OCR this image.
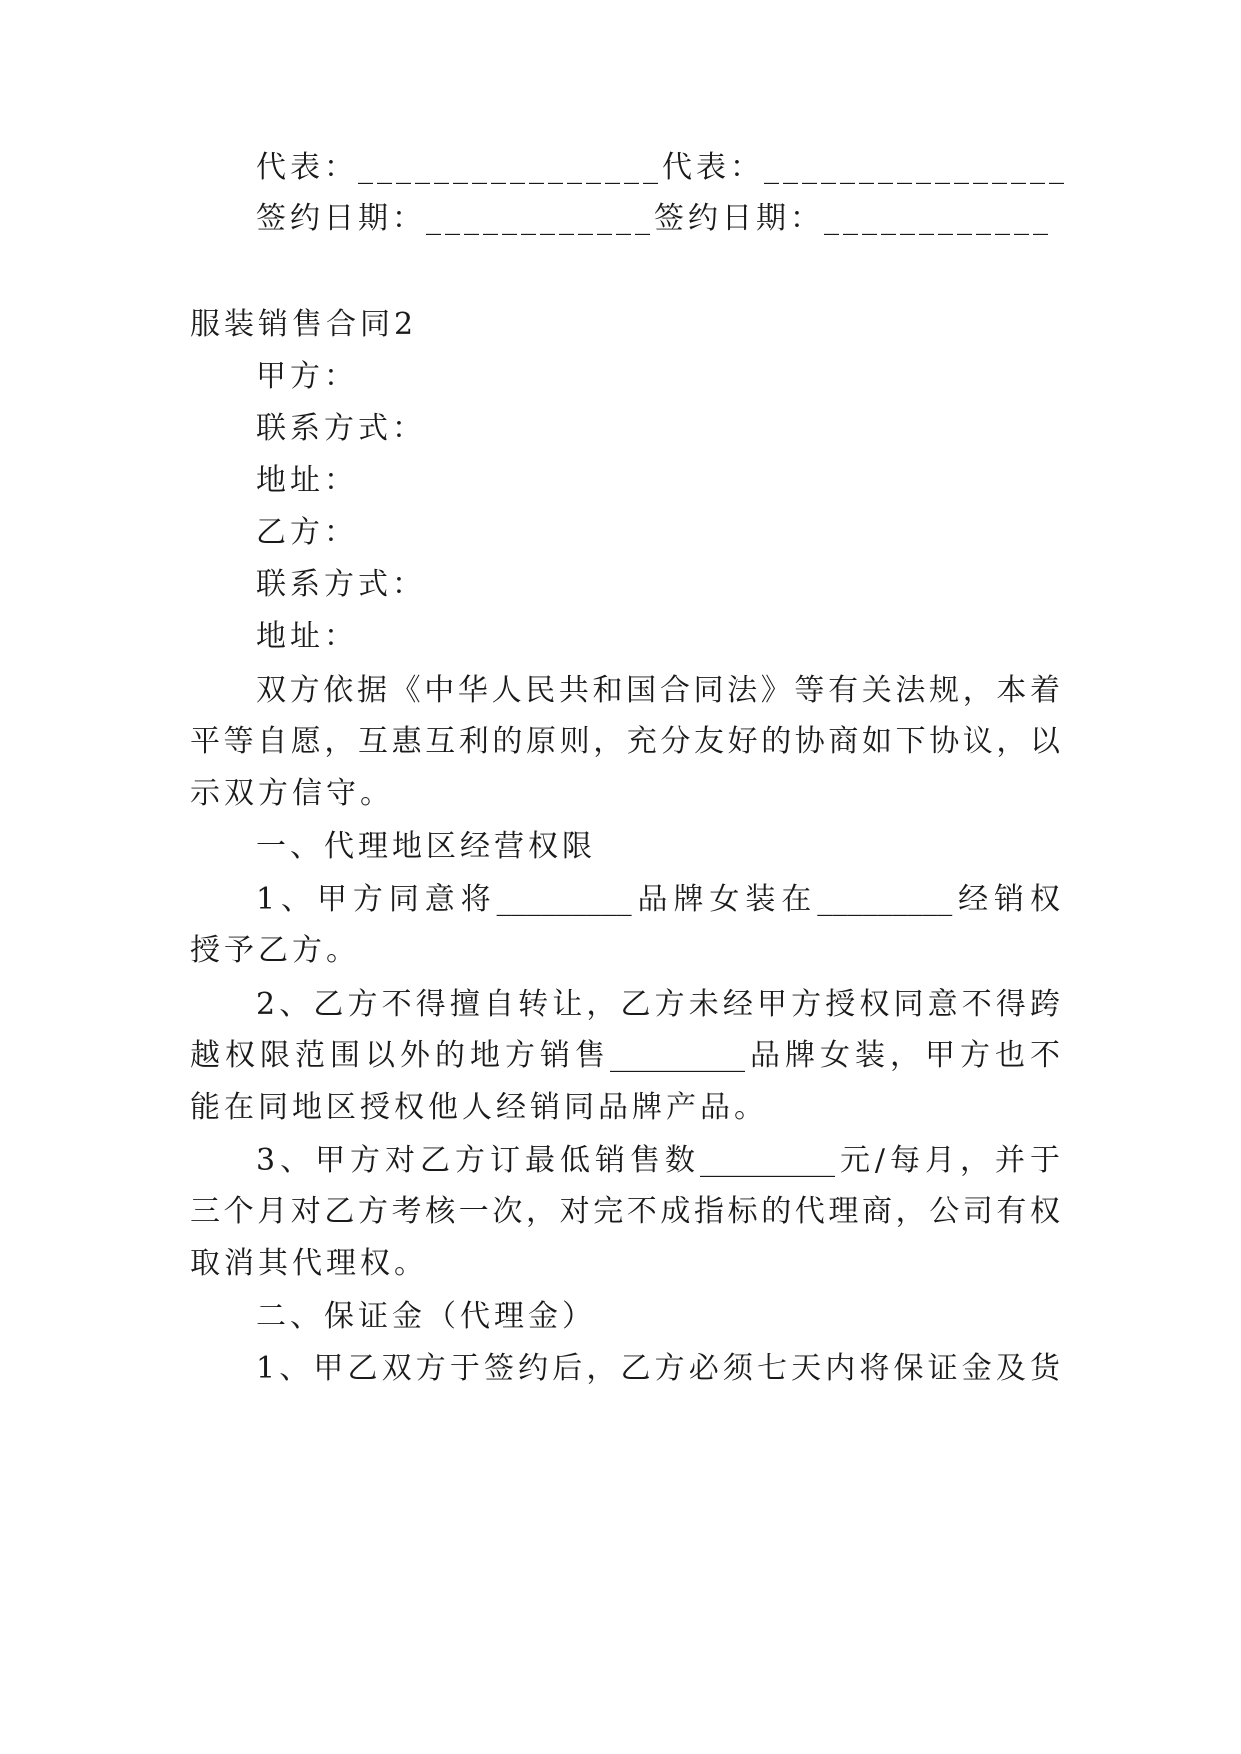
代表：________________代表：________________
签约日期：____________签约日期：____________
服装销售合同2
甲方：
联系方式：
地址：
乙方：
联系方式：
地址：
双方依据《中华人民共和国合同法》等有关法规，本着
平等自愿，互惠互利的原则，充分友好的协商如下协议，以
示双方信守。
一、代理地区经营权限
1、甲方同意将_________品牌女装在_________经销权
授予乙方。
2、乙方不得擅自转让，乙方未经甲方授权同意不得跨
越权限范围以外的地方销售_________品牌女装，甲方也不
能在同地区授权他人经销同品牌产品。
3、甲方对乙方订最低销售数_________元/每月，并于
三个月对乙方考核一次，对完不成指标的代理商，公司有权
取消其代理权。
二、保证金（代理金）
1、甲乙双方于签约后，乙方必须七天内将保证金及货
